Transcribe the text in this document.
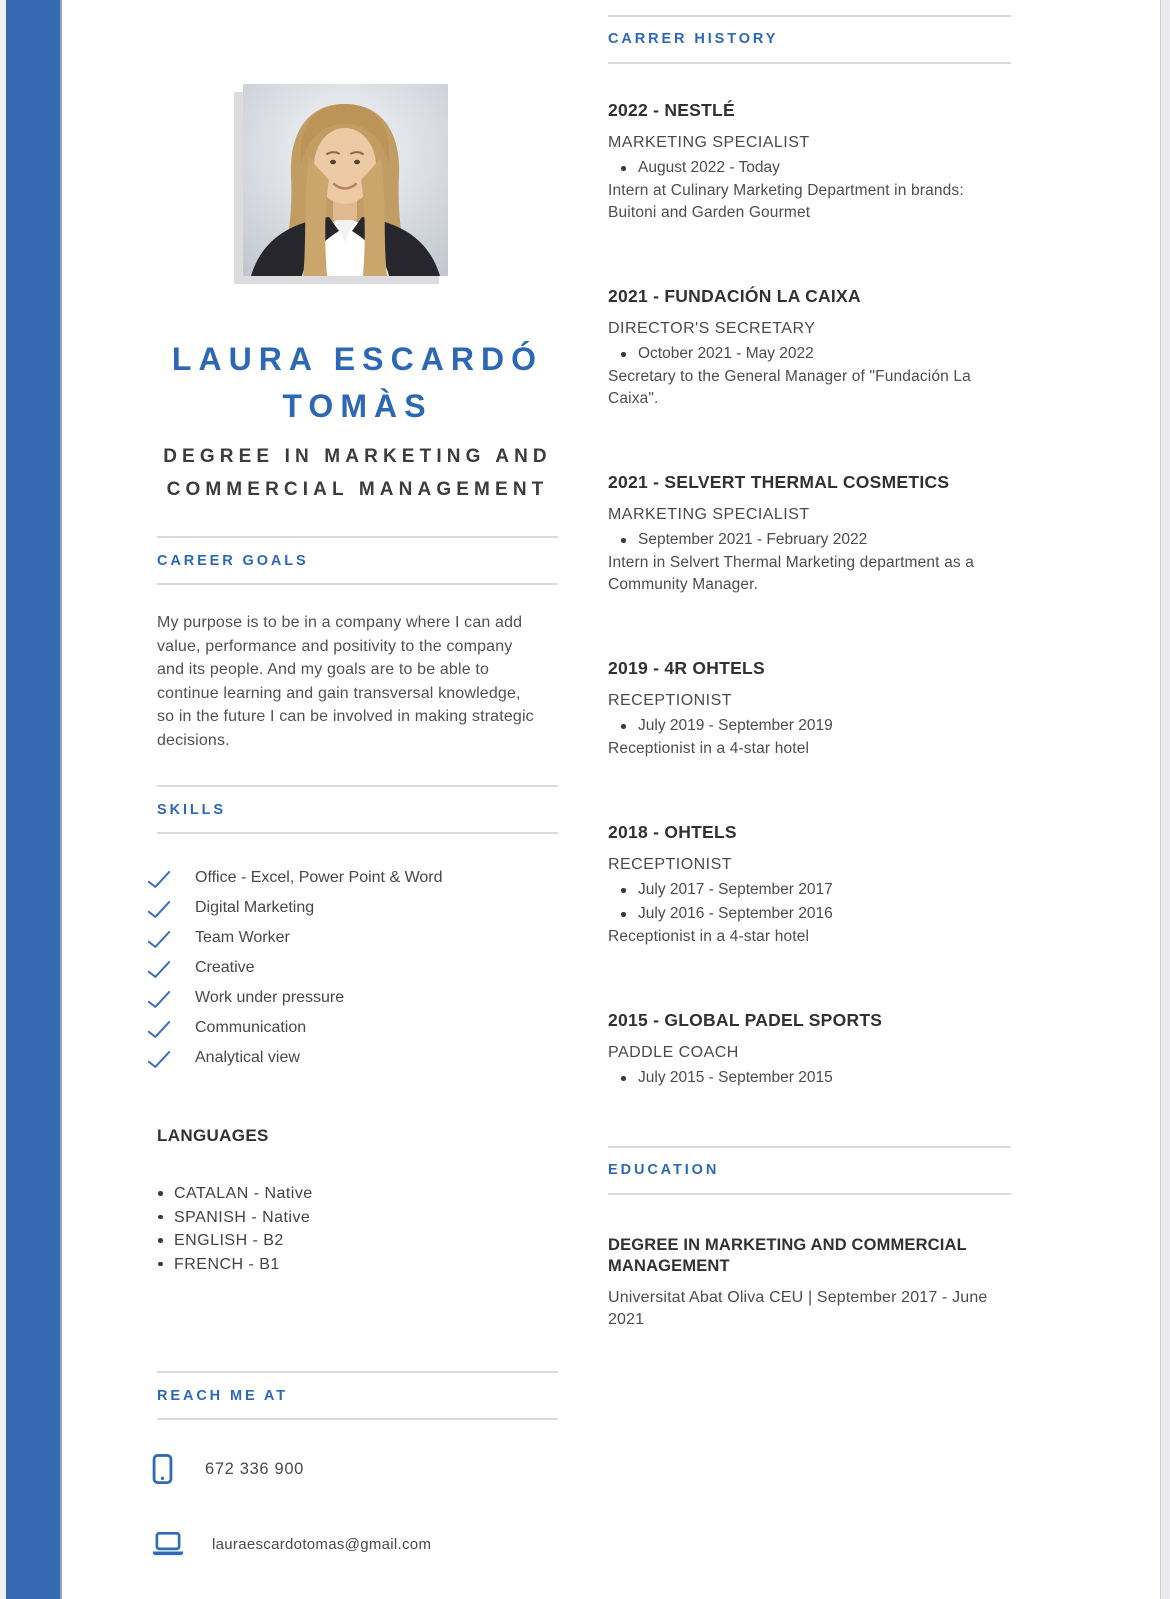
LAURA ESCARDÓ TOMÀS
DEGREE IN MARKETING AND COMMERCIAL MANAGEMENT
CAREER GOALS

My purpose is to be in a company where I can add value, performance and positivity to the company and its people. And my goals are to be able to continue learning and gain transversal knowledge, so in the future I can be involved in making strategic decisions.

SKILLS
Office - Excel, Power Point & Word
Digital Marketing
Team Worker
Creative
Work under pressure
Communication
Analytical view
LANGUAGES
CATALAN - Native
SPANISH - Native
ENGLISH - B2
FRENCH - B1
REACH ME AT
672 336 900
lauraescardotomas@gmail.com
CARRER HISTORY
2022 - NESTLÉ
MARKETING SPECIALIST
August 2022 - Today

Intern at Culinary Marketing Department in brands: Buitoni and Garden Gourmet

2021 - FUNDACIÓN LA CAIXA
DIRECTOR'S SECRETARY
October 2021 - May 2022

Secretary to the General Manager of "Fundación La Caixa".

2021 - SELVERT THERMAL COSMETICS
MARKETING SPECIALIST
September 2021 - February 2022

Intern in Selvert Thermal Marketing department as a Community Manager.

2019 - 4R OHTELS
RECEPTIONIST
July 2019 - September 2019

Receptionist in a 4-star hotel

2018 - OHTELS
RECEPTIONIST
July 2017 - September 2017
July 2016 - September 2016

Receptionist in a 4-star hotel

2015 - GLOBAL PADEL SPORTS
PADDLE COACH
July 2015 - September 2015
EDUCATION
DEGREE IN MARKETING AND COMMERCIAL MANAGEMENT

Universitat Abat Oliva CEU | September 2017 - June 2021
